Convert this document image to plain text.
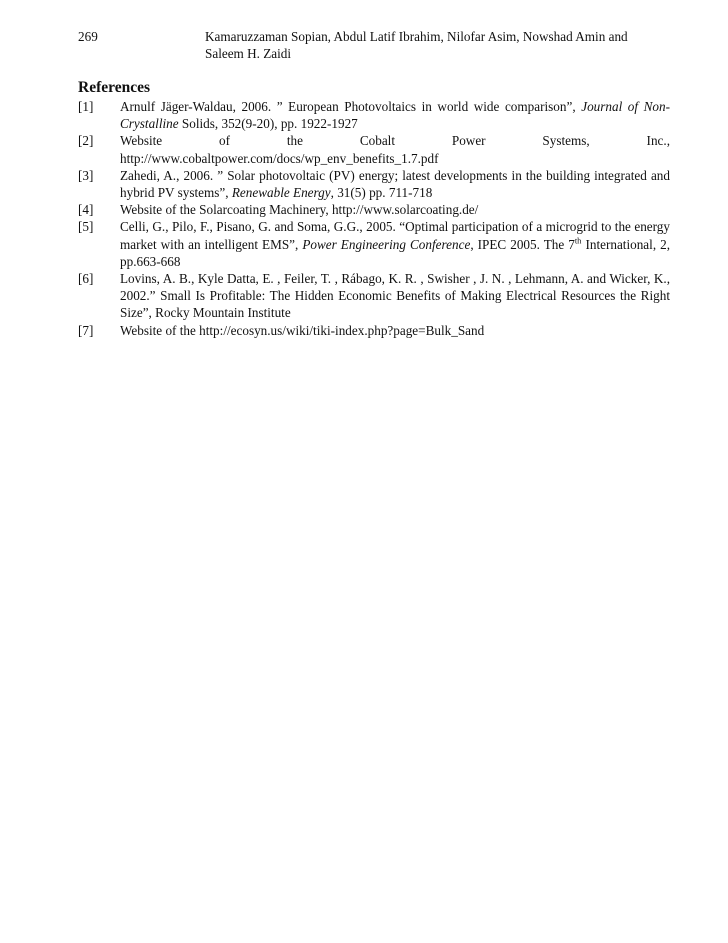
269	Kamaruzzaman Sopian, Abdul Latif Ibrahim, Nilofar Asim, Nowshad Amin and
Saleem H. Zaidi
References
[1]	Arnulf Jäger-Waldau, 2006. ” European Photovoltaics in world wide comparison”, Journal of Non-Crystalline Solids, 352(9-20), pp. 1922-1927
[2]	Website of the Cobalt Power Systems, Inc.,
http://www.cobaltpower.com/docs/wp_env_benefits_1.7.pdf
[3]	Zahedi, A., 2006. ” Solar photovoltaic (PV) energy; latest developments in the building integrated and hybrid PV systems”, Renewable Energy, 31(5) pp. 711-718
[4]	Website of the Solarcoating Machinery, http://www.solarcoating.de/
[5]	Celli, G., Pilo, F., Pisano, G. and Soma, G.G., 2005. “Optimal participation of a microgrid to the energy market with an intelligent EMS”, Power Engineering Conference, IPEC 2005. The 7th International, 2, pp.663-668
[6]	Lovins, A. B., Kyle Datta, E. , Feiler, T. , Rábago, K. R. , Swisher , J. N. , Lehmann, A. and Wicker, K., 2002.” Small Is Profitable: The Hidden Economic Benefits of Making Electrical Resources the Right Size”, Rocky Mountain Institute
[7]	Website of the http://ecosyn.us/wiki/tiki-index.php?page=Bulk_Sand
